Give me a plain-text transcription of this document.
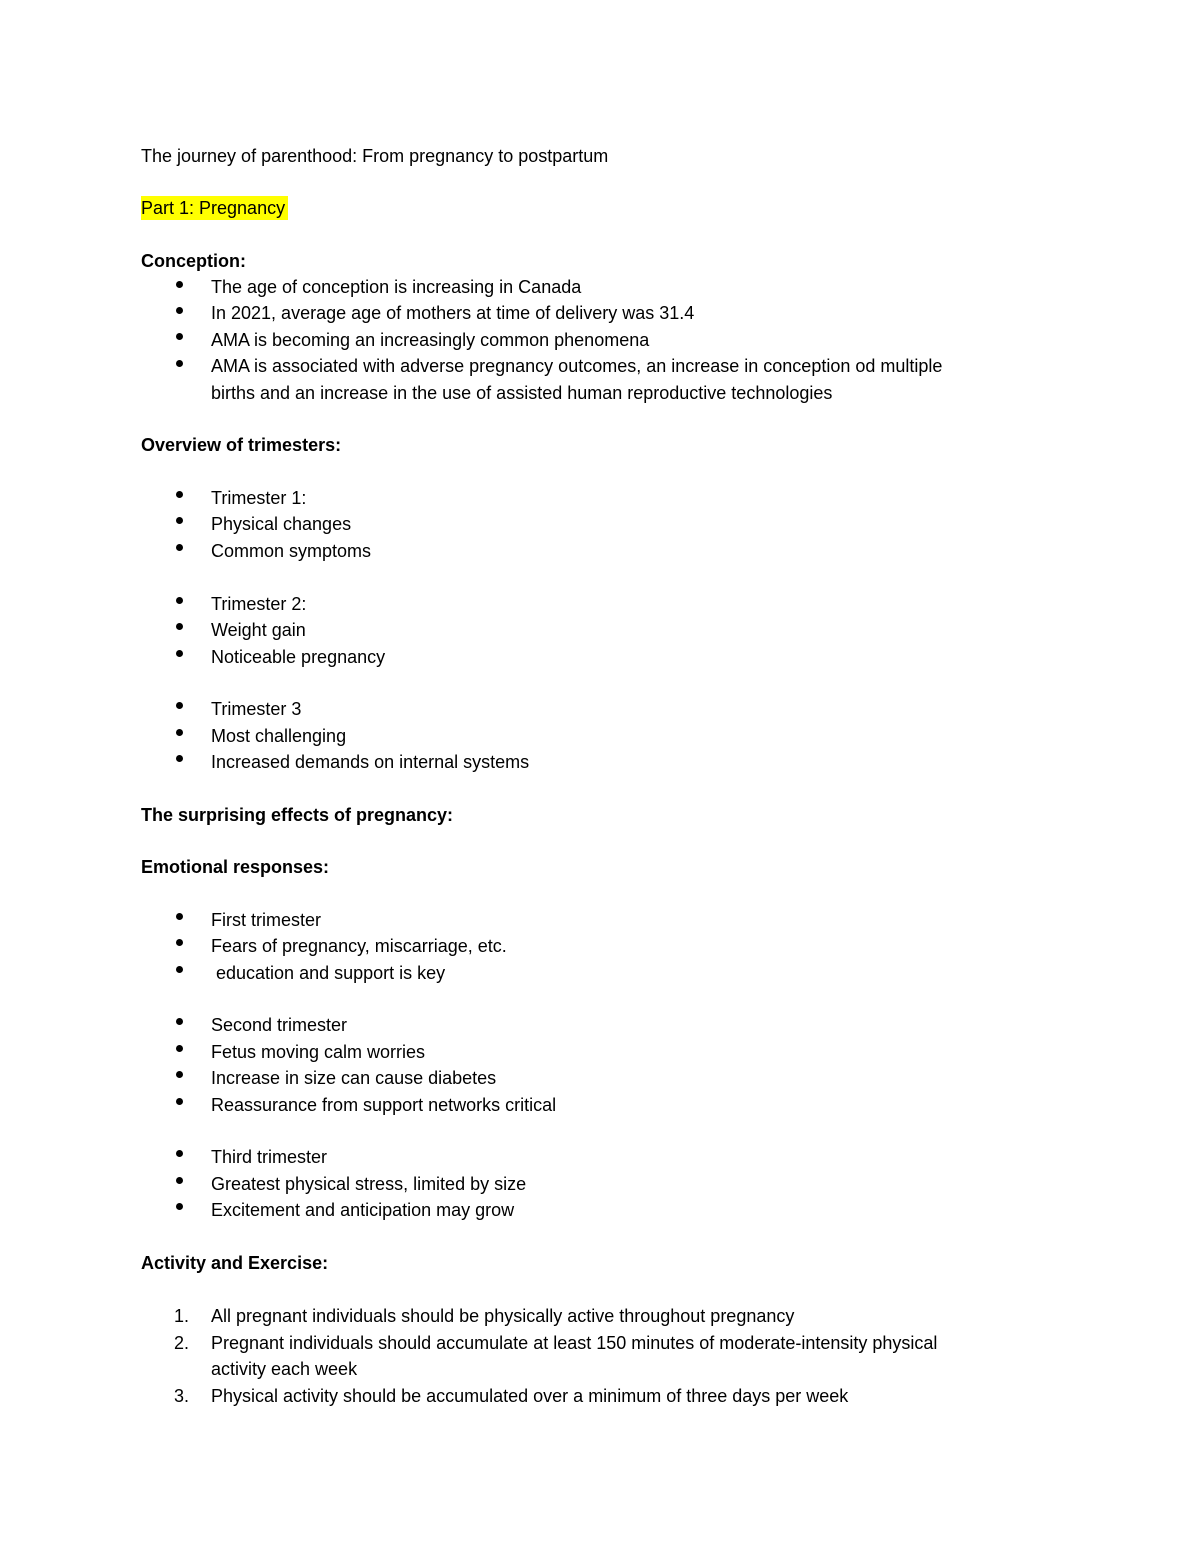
The journey of parenthood: From pregnancy to postpartum
Part 1: Pregnancy
Conception:
The age of conception is increasing in Canada
In 2021, average age of mothers at time of delivery was 31.4
AMA is becoming an increasingly common phenomena
AMA is associated with adverse pregnancy outcomes, an increase in conception od multiple
births and an increase in the use of assisted human reproductive technologies
Overview of trimesters:
Trimester 1:
Physical changes
Common symptoms
Trimester 2:
Weight gain
Noticeable pregnancy
Trimester 3
Most challenging
Increased demands on internal systems
The surprising effects of pregnancy:
Emotional responses:
First trimester
Fears of pregnancy, miscarriage, etc.
education and support is key
Second trimester
Fetus moving calm worries
Increase in size can cause diabetes
Reassurance from support networks critical
Third trimester
Greatest physical stress, limited by size
Excitement and anticipation may grow
Activity and Exercise:
1. All pregnant individuals should be physically active throughout pregnancy
2. Pregnant individuals should accumulate at least 150 minutes of moderate-intensity physical
activity each week
3. Physical activity should be accumulated over a minimum of three days per week
